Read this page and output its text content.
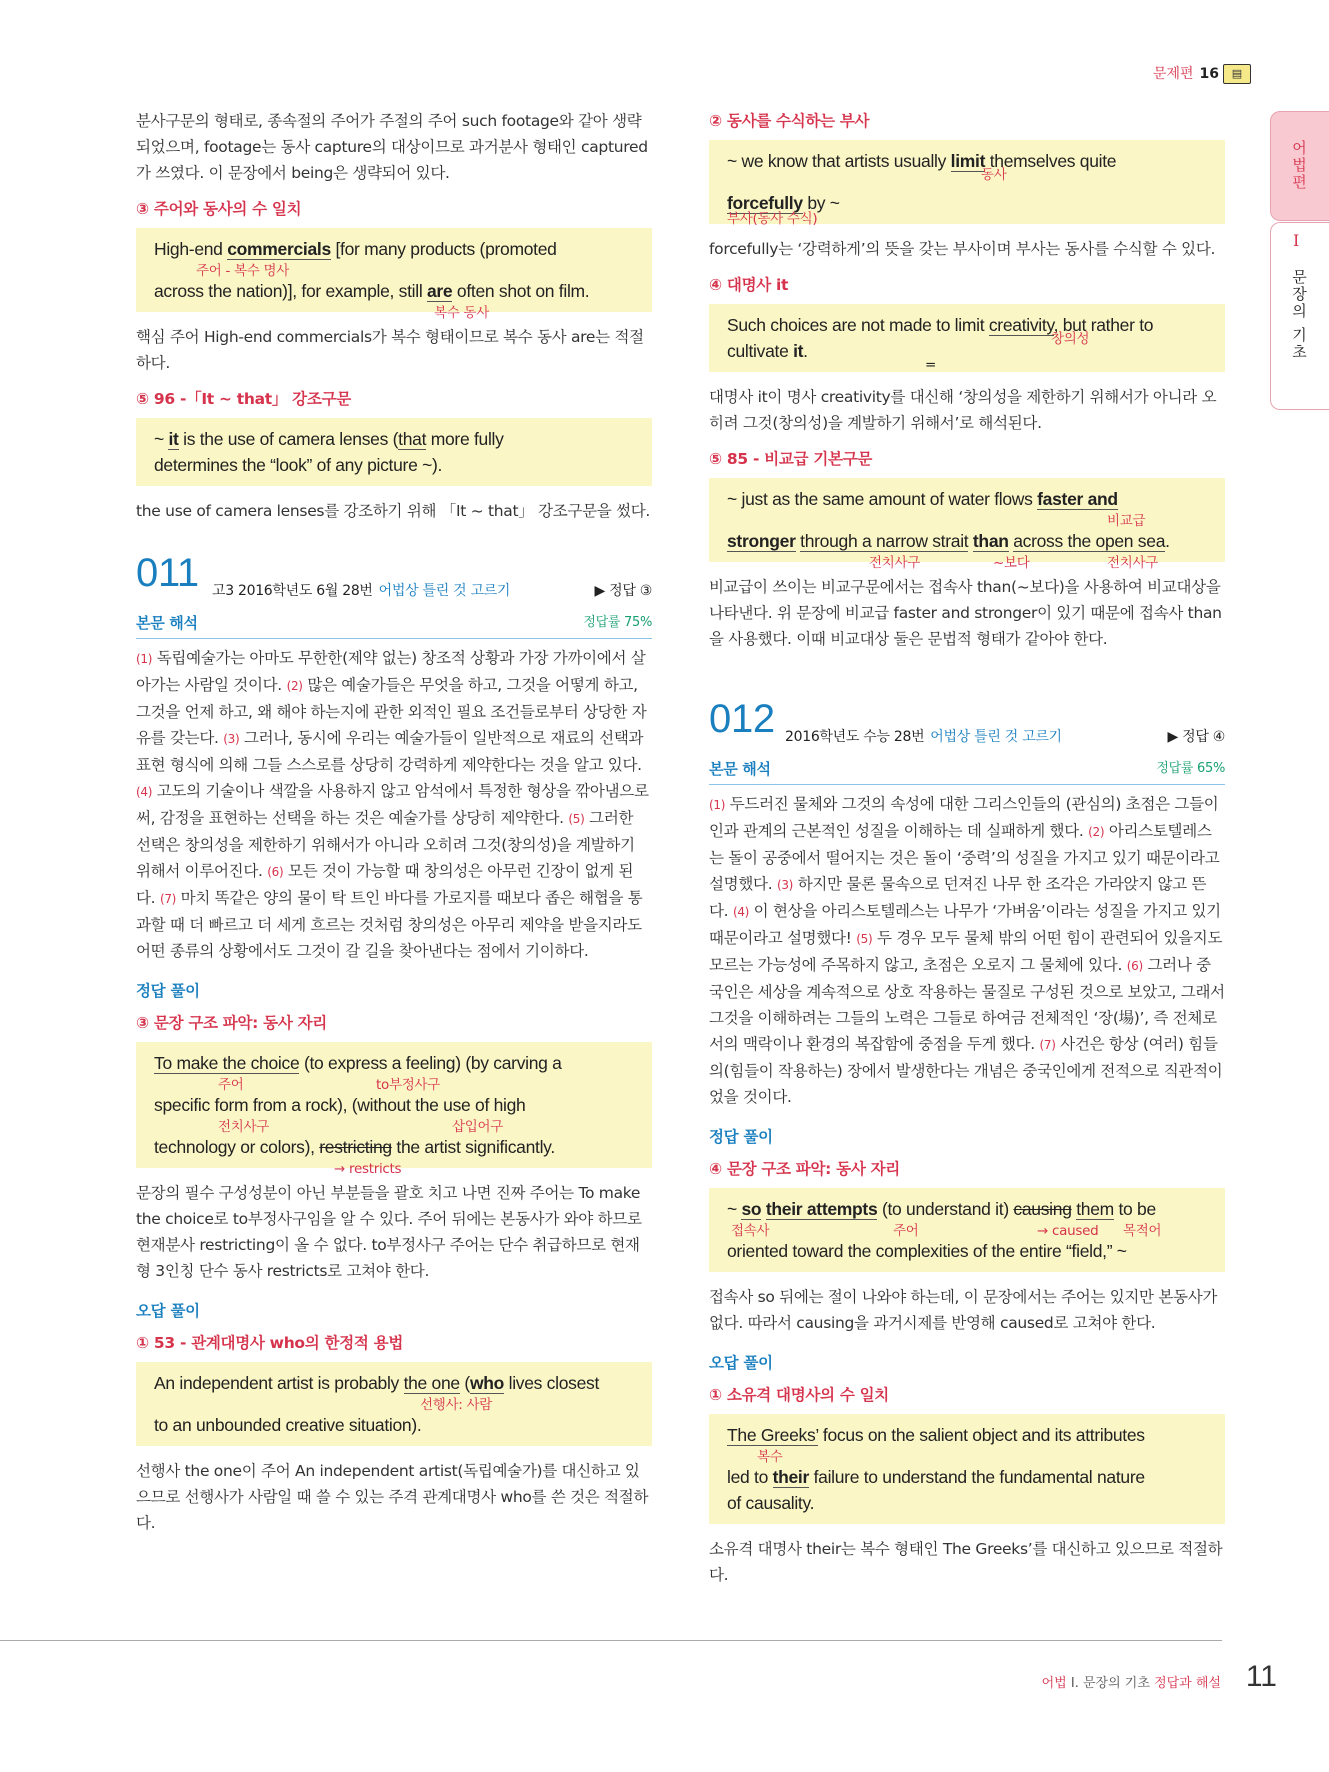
문제편 16	▤
어법편
I
문장의 기초

분사구문의 형태로, 종속절의 주어가 주절의 주어 such footage와 같아 생략되었으며, footage는 동사 capture의 대상이므로 과거분사 형태인 captured가 쓰였다. 이 문장에서 being은 생략되어 있다.

③ 주어와 동사의 수 일치
High-end commercials [for many products (promoted
주어 - 복수 명사
across the nation)], for example, still are often shot on film.
복수 동사

핵심 주어 High-end commercials가 복수 형태이므로 복수 동사 are는 적절하다.

⑤ 96 -「It ~ that」 강조구문
~ it is the use of camera lenses (that more fully
determines the “look” of any picture ~).

the use of camera lenses를 강조하기 위해 「It ~ that」 강조구문을 썼다.

011 고3 2016학년도 6월 28번 어법상 틀린 것 고르기	▶ 정답 ③
본문 해석	정답률 75%

(1) 독립예술가는 아마도 무한한(제약 없는) 창조적 상황과 가장 가까이에서 살아가는 사람일 것이다. (2) 많은 예술가들은 무엇을 하고, 그것을 어떻게 하고, 그것을 언제 하고, 왜 해야 하는지에 관한 외적인 필요 조건들로부터 상당한 자유를 갖는다. (3) 그러나, 동시에 우리는 예술가들이 일반적으로 재료의 선택과 표현 형식에 의해 그들 스스로를 상당히 강력하게 제약한다는 것을 알고 있다. (4) 고도의 기술이나 색깔을 사용하지 않고 암석에서 특정한 형상을 깎아냄으로써, 감정을 표현하는 선택을 하는 것은 예술가를 상당히 제약한다. (5) 그러한 선택은 창의성을 제한하기 위해서가 아니라 오히려 그것(창의성)을 계발하기 위해서 이루어진다. (6) 모든 것이 가능할 때 창의성은 아무런 긴장이 없게 된다. (7) 마치 똑같은 양의 물이 탁 트인 바다를 가로지를 때보다 좁은 해협을 통과할 때 더 빠르고 더 세게 흐르는 것처럼 창의성은 아무리 제약을 받을지라도 어떤 종류의 상황에서도 그것이 갈 길을 찾아낸다는 점에서 기이하다.

정답 풀이
③ 문장 구조 파악: 동사 자리
To make the choice (to express a feeling) (by carving a
주어	to부정사구
specific form from a rock), (without the use of high
전치사구	삽입어구
technology or colors), restricting the artist significantly.
→ restricts

문장의 필수 구성성분이 아닌 부분들을 괄호 치고 나면 진짜 주어는 To make the choice로 to부정사구임을 알 수 있다. 주어 뒤에는 본동사가 와야 하므로 현재분사 restricting이 올 수 없다. to부정사구 주어는 단수 취급하므로 현재형 3인칭 단수 동사 restricts로 고쳐야 한다.

오답 풀이
① 53 - 관계대명사 who의 한정적 용법
An independent artist is probably the one (who lives closest
선행사: 사람
to an unbounded creative situation).

선행사 the one이 주어 An independent artist(독립예술가)를 대신하고 있으므로 선행사가 사람일 때 쓸 수 있는 주격 관계대명사 who를 쓴 것은 적절하다.

② 동사를 수식하는 부사
~ we know that artists usually limit themselves quite
동사
forcefully by ~
부사(동사 수식)

forcefully는 ‘강력하게’의 뜻을 갖는 부사이며 부사는 동사를 수식할 수 있다.

④ 대명사 it
Such choices are not made to limit creativity, but rather to
창의성
cultivate it.
=

대명사 it이 명사 creativity를 대신해 ‘창의성을 제한하기 위해서가 아니라 오히려 그것(창의성)을 계발하기 위해서’로 해석된다.

⑤ 85 - 비교급 기본구문
~ just as the same amount of water flows faster and
비교급
stronger through a narrow strait than across the open sea.
전치사구	~보다	전치사구

비교급이 쓰이는 비교구문에서는 접속사 than(~보다)을 사용하여 비교대상을 나타낸다. 위 문장에 비교급 faster and stronger이 있기 때문에 접속사 than을 사용했다. 이때 비교대상 둘은 문법적 형태가 같아야 한다.

012 2016학년도 수능 28번 어법상 틀린 것 고르기	▶ 정답 ④
본문 해석	정답률 65%

(1) 두드러진 물체와 그것의 속성에 대한 그리스인들의 (관심의) 초점은 그들이 인과 관계의 근본적인 성질을 이해하는 데 실패하게 했다. (2) 아리스토텔레스는 돌이 공중에서 떨어지는 것은 돌이 ‘중력’의 성질을 가지고 있기 때문이라고 설명했다. (3) 하지만 물론 물속으로 던져진 나무 한 조각은 가라앉지 않고 뜬다. (4) 이 현상을 아리스토텔레스는 나무가 ‘가벼움’이라는 성질을 가지고 있기 때문이라고 설명했다! (5) 두 경우 모두 물체 밖의 어떤 힘이 관련되어 있을지도 모르는 가능성에 주목하지 않고, 초점은 오로지 그 물체에 있다. (6) 그러나 중국인은 세상을 계속적으로 상호 작용하는 물질로 구성된 것으로 보았고, 그래서 그것을 이해하려는 그들의 노력은 그들로 하여금 전체적인 ‘장(場)’, 즉 전체로서의 맥락이나 환경의 복잡함에 중점을 두게 했다. (7) 사건은 항상 (여러) 힘들의(힘들이 작용하는) 장에서 발생한다는 개념은 중국인에게 전적으로 직관적이었을 것이다.

정답 풀이
④ 문장 구조 파악: 동사 자리
~ so their attempts (to understand it) causing them to be
접속사	주어	→ caused 목적어
oriented toward the complexities of the entire “field,” ~

접속사 so 뒤에는 절이 나와야 하는데, 이 문장에서는 주어는 있지만 본동사가 없다. 따라서 causing을 과거시제를 반영해 caused로 고쳐야 한다.

오답 풀이
① 소유격 대명사의 수 일치
The Greeks’ focus on the salient object and its attributes
복수
led to their failure to understand the fundamental nature
of causality.

소유격 대명사 their는 복수 형태인 The Greeks’를 대신하고 있으므로 적절하다.

어법 I. 문장의 기초 정답과 해설 11
